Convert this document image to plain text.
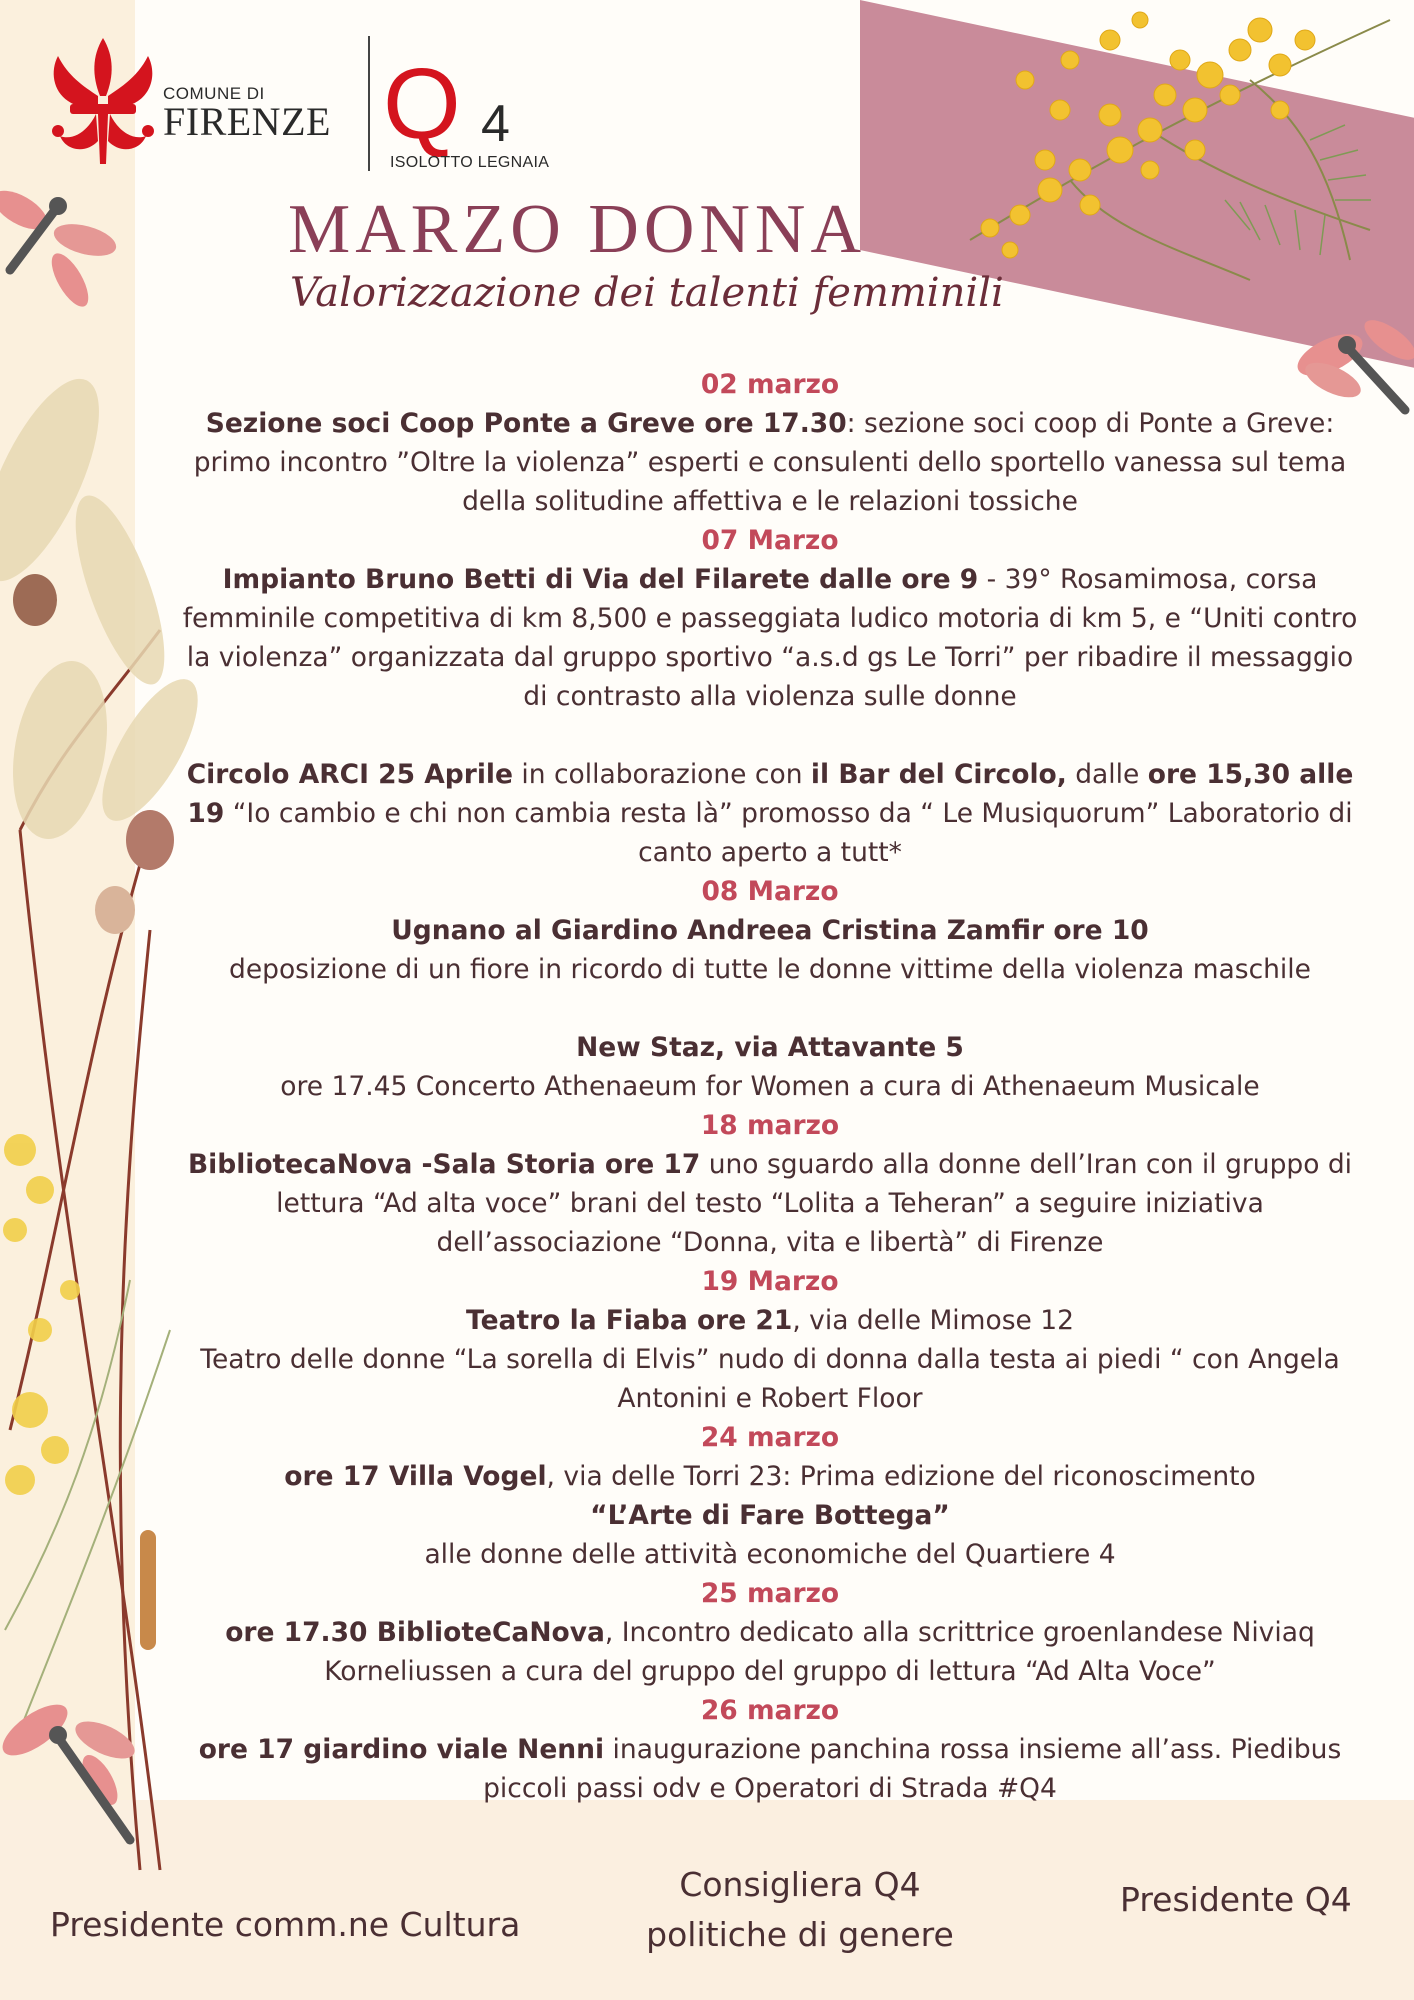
COMUNE DI
FIRENZE Q 4
ISOLOTTO LEGNAIA
MARZO DONNA
Valorizzazione dei talenti femminili

02 marzo

Sezione soci Coop Ponte a Greve ore 17.30: sezione soci coop di Ponte a Greve: primo incontro ”Oltre la violenza” esperti e consulenti dello sportello vanessa sul tema della solitudine affettiva e le relazioni tossiche

07 Marzo

Impianto Bruno Betti di Via del Filarete dalle ore 9 - 39° Rosamimosa, corsa femminile competitiva di km 8,500 e passeggiata ludico motoria di km 5, e “Uniti contro la violenza” organizzata dal gruppo sportivo “a.s.d gs Le Torri” per ribadire il messaggio di contrasto alla violenza sulle donne

Circolo ARCI 25 Aprile in collaborazione con il Bar del Circolo, dalle ore 15,30 alle 19 “Io cambio e chi non cambia resta là” promosso da “ Le Musiquorum” Laboratorio di canto aperto a tutt*

08 Marzo

Ugnano al Giardino Andreea Cristina Zamfir ore 10

deposizione di un fiore in ricordo di tutte le donne vittime della violenza maschile

New Staz, via Attavante 5

ore 17.45 Concerto Athenaeum for Women a cura di Athenaeum Musicale

18 marzo

BibliotecaNova -Sala Storia ore 17 uno sguardo alla donne dell’Iran con il gruppo di lettura “Ad alta voce” brani del testo “Lolita a Teheran” a seguire iniziativa dell’associazione “Donna, vita e libertà” di Firenze

19 Marzo

Teatro la Fiaba ore 21, via delle Mimose 12

Teatro delle donne “La sorella di Elvis” nudo di donna dalla testa ai piedi “ con Angela Antonini e Robert Floor

24 marzo

ore 17 Villa Vogel, via delle Torri 23: Prima edizione del riconoscimento

“L’Arte di Fare Bottega”

alle donne delle attività economiche del Quartiere 4

25 marzo

ore 17.30 BiblioteCaNova, Incontro dedicato alla scrittrice groenlandese Niviaq Korneliussen a cura del gruppo del gruppo di lettura “Ad Alta Voce”

26 marzo

ore 17 giardino viale Nenni inaugurazione panchina rossa insieme all’ass. Piedibus piccoli passi odv e Operatori di Strada #Q4

Presidente comm.ne Cultura
Consigliera Q4
politiche di genere
Presidente Q4
